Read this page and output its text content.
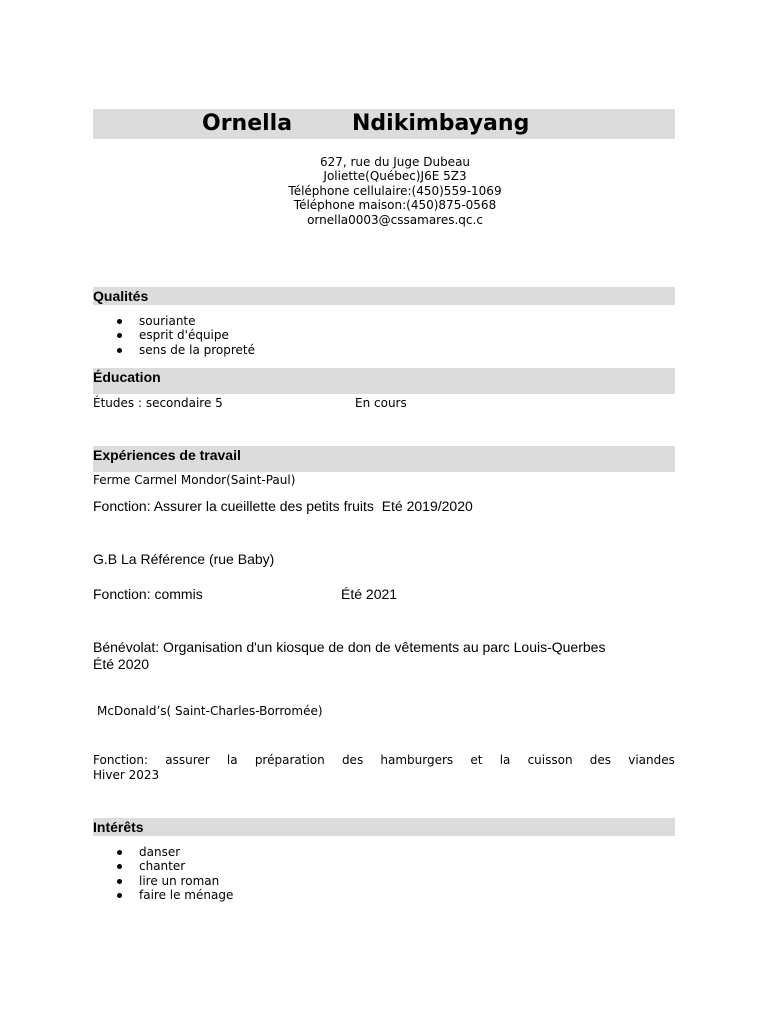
Ornella	Ndikimbayang
627, rue du Juge Dubeau
Joliette(Québec)J6E 5Z3
Téléphone cellulaire:(450)559-1069
Téléphone maison:(450)875-0568
ornella0003@cssamares.qc.c
Qualités
souriante
esprit d'équipe
sens de la propreté
Éducation
Études : secondaire 5	En cours
Expériences de travail
Ferme Carmel Mondor(Saint-Paul)
Fonction: Assurer la cueillette des petits fruits  Eté 2019/2020
G.B La Référence (rue Baby)
Fonction: commis	Été 2021
Bénévolat: Organisation d'un kiosque de don de vêtements au parc Louis-Querbes
Été 2020
McDonald’s( Saint-Charles-Borromée)
Fonction: assurer la préparation des hamburgers et la cuisson des viandes
Hiver 2023
Intérêts
danser
chanter
lire un roman
faire le ménage
